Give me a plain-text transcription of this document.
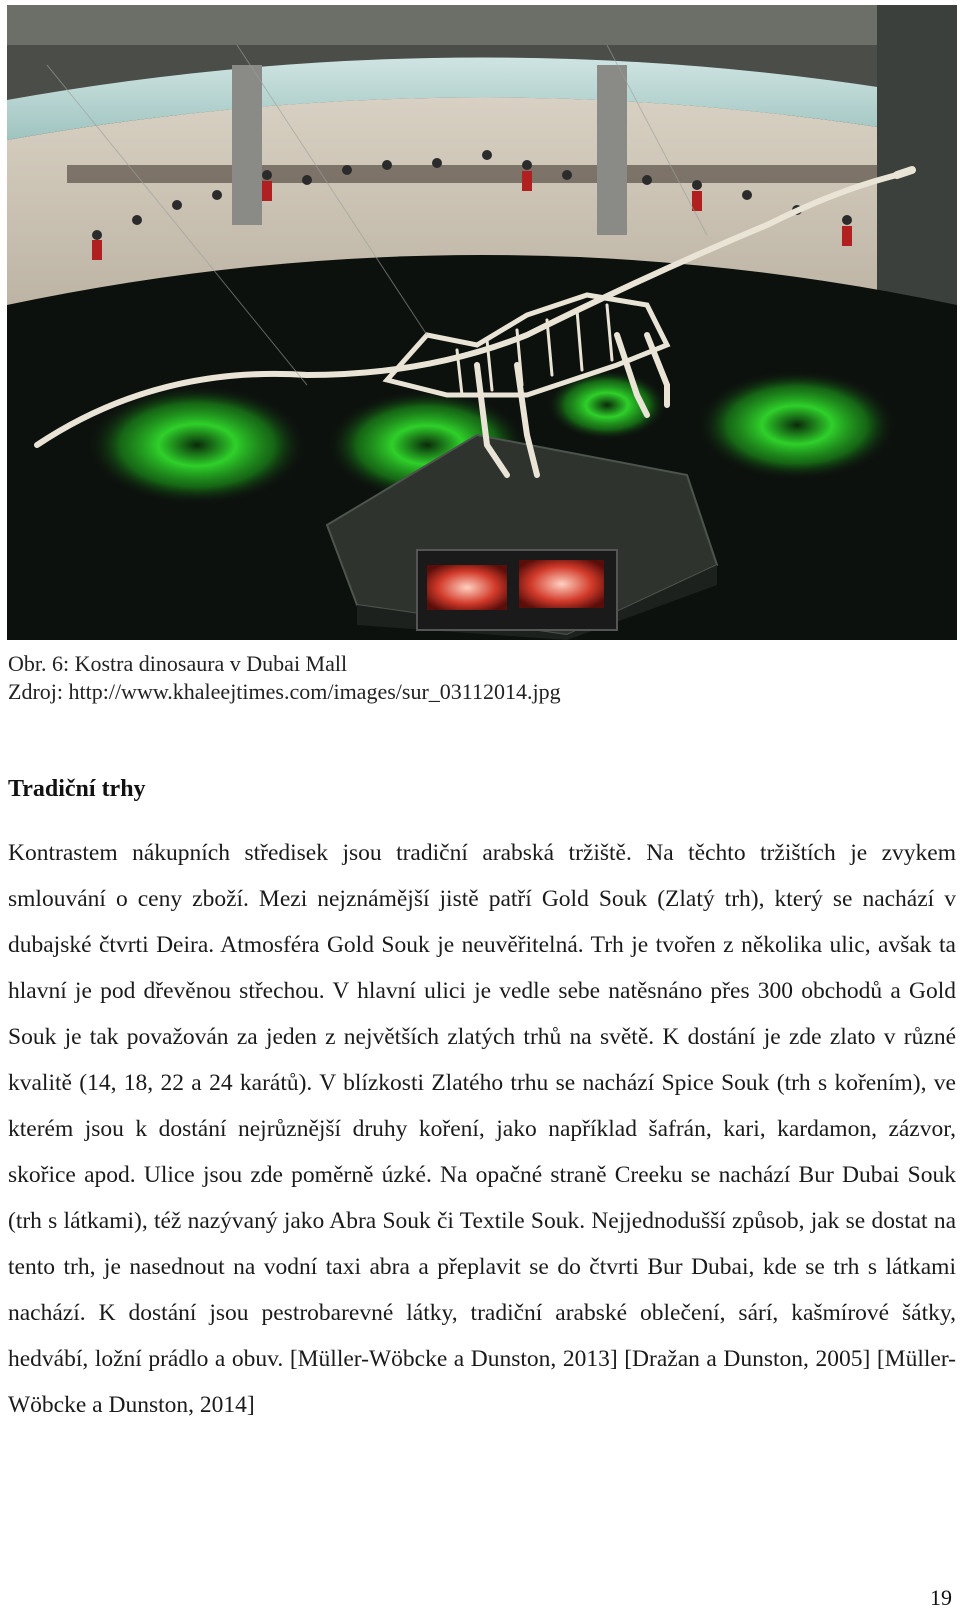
Obr. 6: Kostra dinosaura v Dubai Mall
Zdroj: http://www.khaleejtimes.com/images/sur_03112014.jpg
Tradiční trhy

Kontrastem nákupních středisek jsou tradiční arabská tržiště. Na těchto tržištích je zvykem smlouvání o ceny zboží. Mezi nejznámější jistě patří Gold Souk (Zlatý trh), který se nachází v dubajské čtvrti Deira. Atmosféra Gold Souk je neuvěřitelná. Trh je tvořen z několika ulic, avšak ta hlavní je pod dřevěnou střechou. V hlavní ulici je vedle sebe natěsnáno přes 300 obchodů a Gold Souk je tak považován za jeden z největších zlatých trhů na světě. K dostání je zde zlato v různé kvalitě (14, 18, 22 a 24 karátů). V blízkosti Zlatého trhu se nachází Spice Souk (trh s kořením), ve kterém jsou k dostání nejrůznější druhy koření, jako například šafrán, kari, kardamon, zázvor, skořice apod. Ulice jsou zde poměrně úzké. Na opačné straně Creeku se nachází Bur Dubai Souk (trh s látkami), též nazývaný jako Abra Souk či Textile Souk. Nejjednodušší způsob, jak se dostat na tento trh, je nasednout na vodní taxi abra a přeplavit se do čtvrti Bur Dubai, kde se trh s látkami nachází. K dostání jsou pestrobarevné látky, tradiční arabské oblečení, sárí, kašmírové šátky, hedvábí, ložní prádlo a obuv. [Müller-Wöbcke a Dunston, 2013] [Dražan a Dunston, 2005] [Müller-Wöbcke a Dunston, 2014]

19
